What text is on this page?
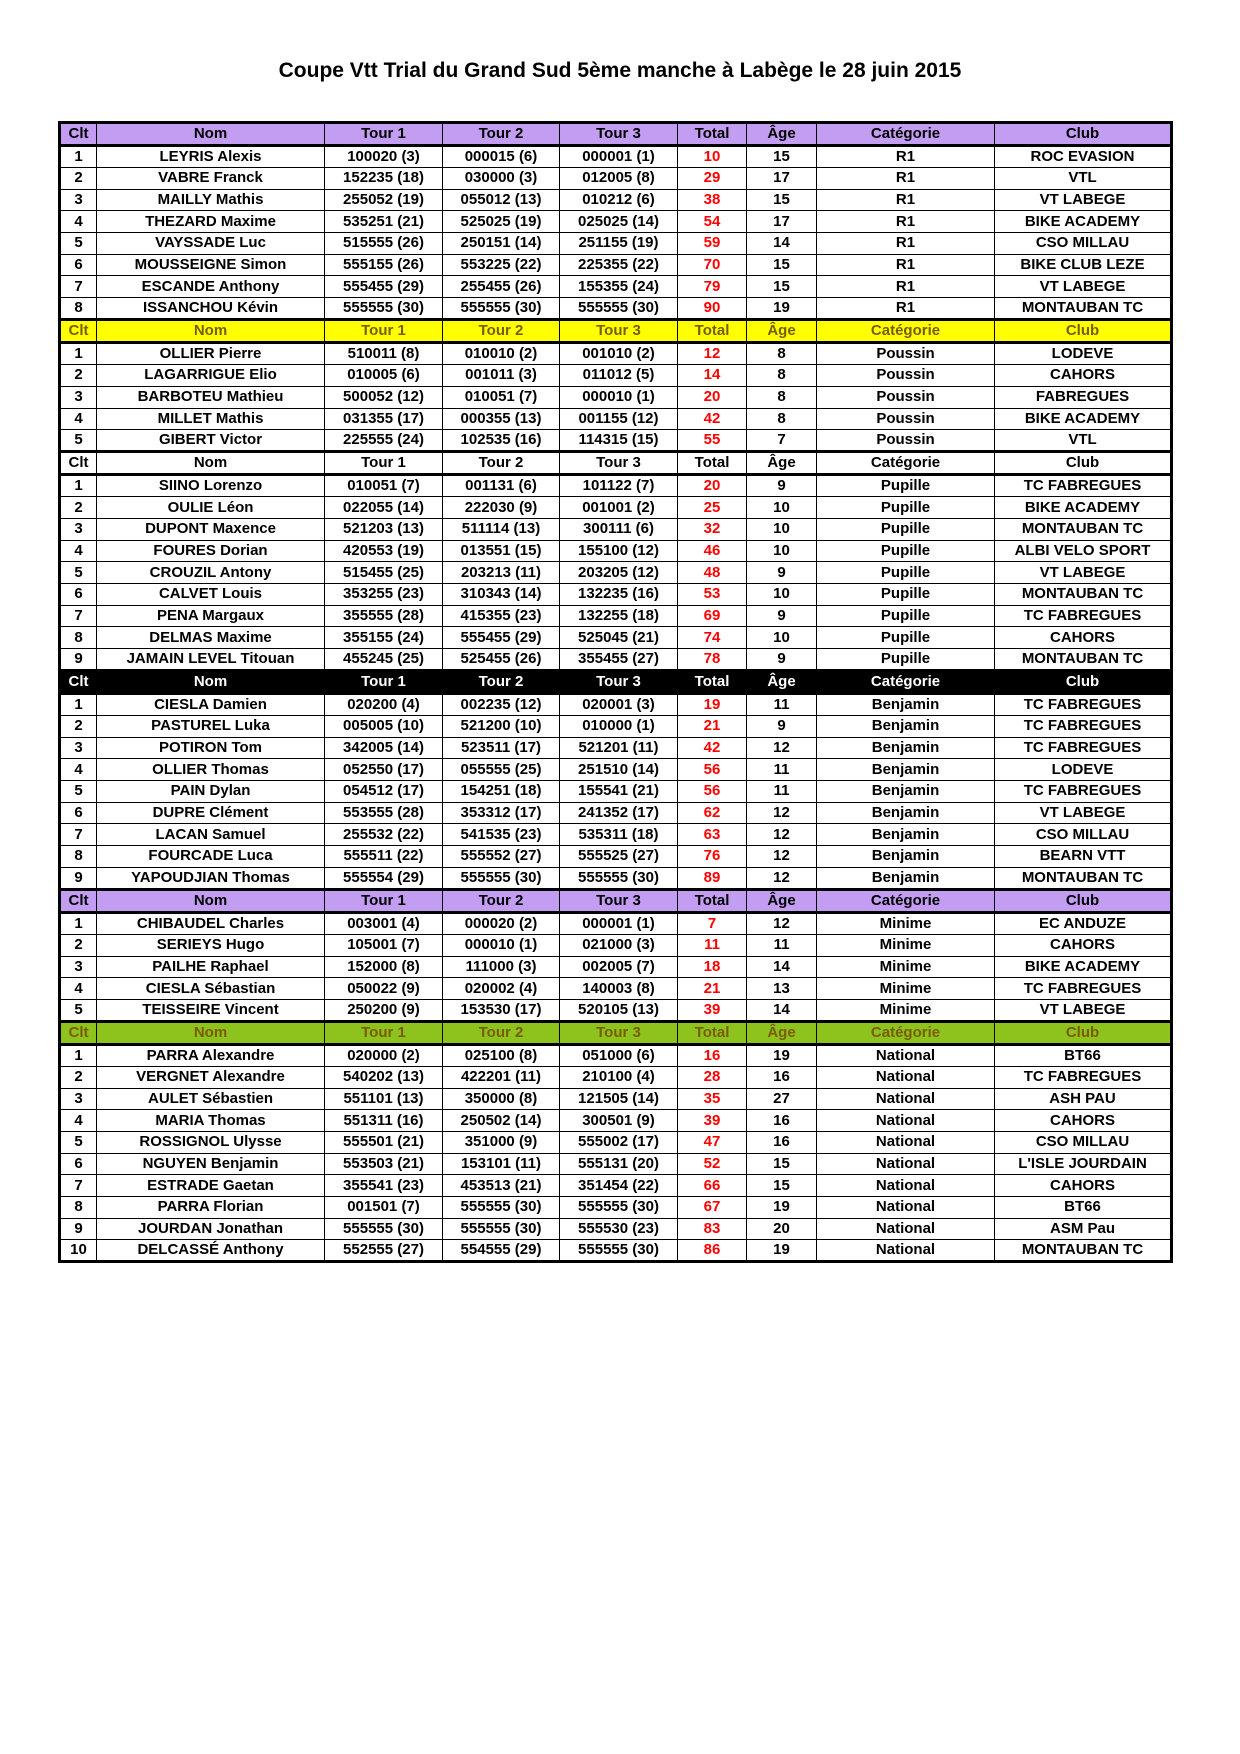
Coupe Vtt Trial du Grand Sud 5ème manche à Labège le 28 juin 2015
Clt	Nom	Tour 1	Tour 2	Tour 3	Total	Âge	Catégorie	Club
1	LEYRIS Alexis	100020 (3)	000015 (6)	000001 (1)	10	15	R1	ROC EVASION
2	VABRE Franck	152235 (18)	030000 (3)	012005 (8)	29	17	R1	VTL
3	MAILLY Mathis	255052 (19)	055012 (13)	010212 (6)	38	15	R1	VT LABEGE
4	THEZARD Maxime	535251 (21)	525025 (19)	025025 (14)	54	17	R1	BIKE ACADEMY
5	VAYSSADE Luc	515555 (26)	250151 (14)	251155 (19)	59	14	R1	CSO MILLAU
6	MOUSSEIGNE Simon	555155 (26)	553225 (22)	225355 (22)	70	15	R1	BIKE CLUB LEZE
7	ESCANDE Anthony	555455 (29)	255455 (26)	155355 (24)	79	15	R1	VT LABEGE
8	ISSANCHOU Kévin	555555 (30)	555555 (30)	555555 (30)	90	19	R1	MONTAUBAN TC
Clt	Nom	Tour 1	Tour 2	Tour 3	Total	Âge	Catégorie	Club
1	OLLIER Pierre	510011 (8)	010010 (2)	001010 (2)	12	8	Poussin	LODEVE
2	LAGARRIGUE Elio	010005 (6)	001011 (3)	011012 (5)	14	8	Poussin	CAHORS
3	BARBOTEU Mathieu	500052 (12)	010051 (7)	000010 (1)	20	8	Poussin	FABREGUES
4	MILLET Mathis	031355 (17)	000355 (13)	001155 (12)	42	8	Poussin	BIKE ACADEMY
5	GIBERT Victor	225555 (24)	102535 (16)	114315 (15)	55	7	Poussin	VTL
Clt	Nom	Tour 1	Tour 2	Tour 3	Total	Âge	Catégorie	Club
1	SIINO Lorenzo	010051 (7)	001131 (6)	101122 (7)	20	9	Pupille	TC FABREGUES
2	OULIE Léon	022055 (14)	222030 (9)	001001 (2)	25	10	Pupille	BIKE ACADEMY
3	DUPONT Maxence	521203 (13)	511114 (13)	300111 (6)	32	10	Pupille	MONTAUBAN TC
4	FOURES Dorian	420553 (19)	013551 (15)	155100 (12)	46	10	Pupille	ALBI VELO SPORT
5	CROUZIL Antony	515455 (25)	203213 (11)	203205 (12)	48	9	Pupille	VT LABEGE
6	CALVET Louis	353255 (23)	310343 (14)	132235 (16)	53	10	Pupille	MONTAUBAN TC
7	PENA Margaux	355555 (28)	415355 (23)	132255 (18)	69	9	Pupille	TC FABREGUES
8	DELMAS Maxime	355155 (24)	555455 (29)	525045 (21)	74	10	Pupille	CAHORS
9	JAMAIN LEVEL Titouan	455245 (25)	525455 (26)	355455 (27)	78	9	Pupille	MONTAUBAN TC
Clt	Nom	Tour 1	Tour 2	Tour 3	Total	Âge	Catégorie	Club
1	CIESLA Damien	020200 (4)	002235 (12)	020001 (3)	19	11	Benjamin	TC FABREGUES
2	PASTUREL Luka	005005 (10)	521200 (10)	010000 (1)	21	9	Benjamin	TC FABREGUES
3	POTIRON Tom	342005 (14)	523511 (17)	521201 (11)	42	12	Benjamin	TC FABREGUES
4	OLLIER Thomas	052550 (17)	055555 (25)	251510 (14)	56	11	Benjamin	LODEVE
5	PAIN Dylan	054512 (17)	154251 (18)	155541 (21)	56	11	Benjamin	TC FABREGUES
6	DUPRE Clément	553555 (28)	353312 (17)	241352 (17)	62	12	Benjamin	VT LABEGE
7	LACAN Samuel	255532 (22)	541535 (23)	535311 (18)	63	12	Benjamin	CSO MILLAU
8	FOURCADE Luca	555511 (22)	555552 (27)	555525 (27)	76	12	Benjamin	BEARN VTT
9	YAPOUDJIAN Thomas	555554 (29)	555555 (30)	555555 (30)	89	12	Benjamin	MONTAUBAN TC
Clt	Nom	Tour 1	Tour 2	Tour 3	Total	Âge	Catégorie	Club
1	CHIBAUDEL Charles	003001 (4)	000020 (2)	000001 (1)	7	12	Minime	EC ANDUZE
2	SERIEYS Hugo	105001 (7)	000010 (1)	021000 (3)	11	11	Minime	CAHORS
3	PAILHE Raphael	152000 (8)	111000 (3)	002005 (7)	18	14	Minime	BIKE ACADEMY
4	CIESLA Sébastian	050022 (9)	020002 (4)	140003 (8)	21	13	Minime	TC FABREGUES
5	TEISSEIRE Vincent	250200 (9)	153530 (17)	520105 (13)	39	14	Minime	VT LABEGE
Clt	Nom	Tour 1	Tour 2	Tour 3	Total	Âge	Catégorie	Club
1	PARRA Alexandre	020000 (2)	025100 (8)	051000 (6)	16	19	National	BT66
2	VERGNET Alexandre	540202 (13)	422201 (11)	210100 (4)	28	16	National	TC FABREGUES
3	AULET Sébastien	551101 (13)	350000 (8)	121505 (14)	35	27	National	ASH PAU
4	MARIA Thomas	551311 (16)	250502 (14)	300501 (9)	39	16	National	CAHORS
5	ROSSIGNOL Ulysse	555501 (21)	351000 (9)	555002 (17)	47	16	National	CSO MILLAU
6	NGUYEN Benjamin	553503 (21)	153101 (11)	555131 (20)	52	15	National	L'ISLE JOURDAIN
7	ESTRADE Gaetan	355541 (23)	453513 (21)	351454 (22)	66	15	National	CAHORS
8	PARRA Florian	001501 (7)	555555 (30)	555555 (30)	67	19	National	BT66
9	JOURDAN Jonathan	555555 (30)	555555 (30)	555530 (23)	83	20	National	ASM Pau
10	DELCASSÉ Anthony	552555 (27)	554555 (29)	555555 (30)	86	19	National	MONTAUBAN TC
